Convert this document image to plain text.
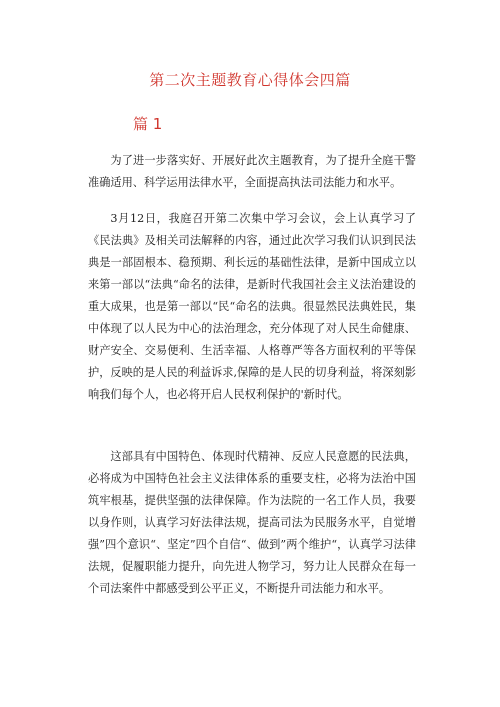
第二次主题教育心得体会四篇
篇 1

为了进一步落实好、开展好此次主题教育，为了提升全庭干警准确适用、科学运用法律水平，全面提高执法司法能力和水平。

3月12日，我庭召开第二次集中学习会议，会上认真学习了《民法典》及相关司法解释的内容，通过此次学习我们认识到民法典是一部固根本、稳预期、利长远的基础性法律，是新中国成立以来第一部以“法典“命名的法律，是新时代我国社会主义法治建设的重大成果，也是第一部以“民“命名的法典。很显然民法典姓民，集中体现了以人民为中心的法治理念，充分体现了对人民生命健康、财产安全、交易便利、生活幸福、人格尊严等各方面权利的平等保护，反映的是人民的利益诉求,保障的是人民的切身利益，将深刻影响我们每个人，也必将开启人民权利保护的'新时代。

这部具有中国特色、体现时代精神、反应人民意愿的民法典，必将成为中国特色社会主义法律体系的重要支柱，必将为法治中国筑牢根基，提供坚强的法律保障。作为法院的一名工作人员，我要以身作则，认真学习好法律法规，提高司法为民服务水平，自觉增强”四个意识“、坚定”四个自信“、做到”两个维护“，认真学习法律法规，促履职能力提升，向先进人物学习，努力让人民群众在每一个司法案件中都感受到公平正义，不断提升司法能力和水平。
